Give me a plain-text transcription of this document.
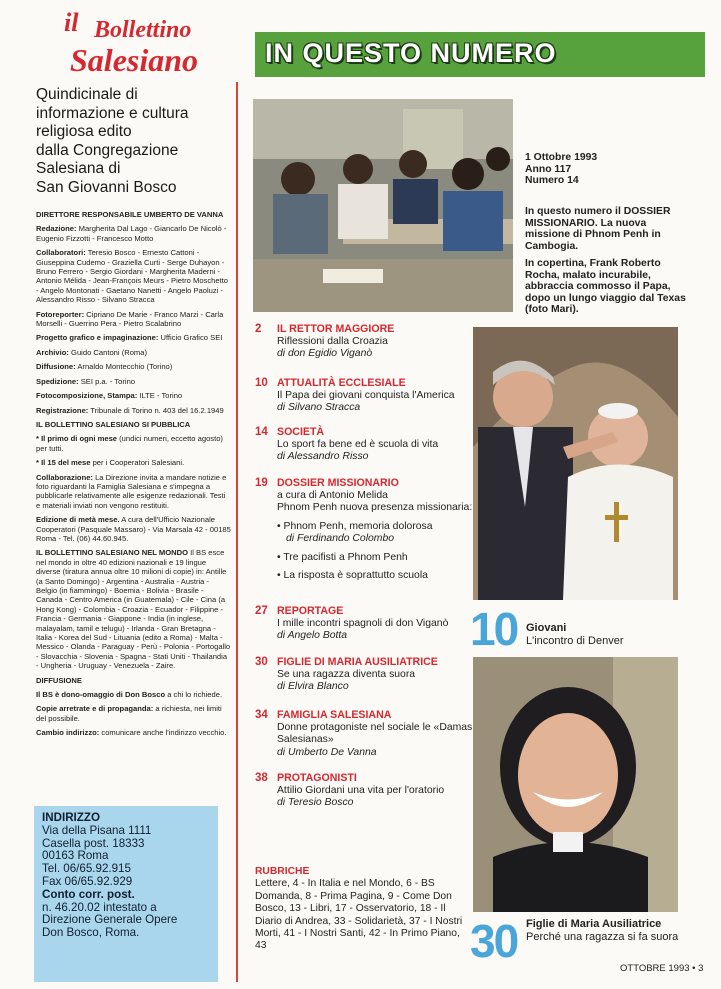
il Bollettino
Salesiano
Quindicinale di
informazione e cultura
religiosa edito
dalla Congregazione
Salesiana di
San Giovanni Bosco
IN QUESTO NUMERO

DIRETTORE RESPONSABILE UMBERTO DE VANNA

Redazione: Margherita Dal Lago - Giancarlo De Nicolò - Eugenio Fizzotti - Francesco Motto

Collaboratori: Teresio Bosco - Ernesto Cattoni - Giuseppina Cudemo - Graziella Curti - Serge Duhayon - Bruno Ferrero - Sergio Giordani - Margherita Maderni - Antonio Mélida - Jean-François Meurs - Pietro Moschetto - Angelo Montonati - Gaetano Nanetti - Angelo Paoluzi - Alessandro Risso - Silvano Stracca

Fotoreporter: Cipriano De Marie - Franco Marzi - Carla Morselli - Guerrino Pera - Pietro Scalabrino

Progetto grafico e impaginazione: Ufficio Grafico SEI

Archivio: Guido Cantoni (Roma)

Diffusione: Arnaldo Montecchio (Torino)

Spedizione: SEI p.a. - Torino

Fotocomposizione, Stampa: ILTE - Torino

Registrazione: Tribunale di Torino n. 403 del 16.2.1949

IL BOLLETTINO SALESIANO SI PUBBLICA

* Il primo di ogni mese (undici numeri, eccetto agosto) per tutti.

* Il 15 del mese per i Cooperatori Salesiani.

Collaborazione: La Direzione invita a mandare notizie e foto riguardanti la Famiglia Salesiana e s'impegna a pubblicarle relativamente alle esigenze redazionali. Testi e materiali inviati non vengono restituiti.

Edizione di metà mese. A cura dell'Ufficio Nazionale Cooperatori (Pasquale Massaro) - Via Marsala 42 - 00185 Roma - Tel. (06) 44.60.945.

IL BOLLETTINO SALESIANO NEL MONDO Il BS esce nel mondo in oltre 40 edizioni nazionali e 19 lingue diverse (tiratura annua oltre 10 milioni di copie) in: Antille (a Santo Domingo) - Argentina - Australia - Austria - Belgio (in fiammingo) - Boemia - Bolivia - Brasile - Canada - Centro America (in Guatemala) - Cile - Cina (a Hong Kong) - Colombia - Croazia - Ecuador - Filippine - Francia - Germania - Giappone - India (in inglese, malayalam, tamil e telugu) - Irlanda - Gran Bretagna - Italia - Korea del Sud - Lituania (edito a Roma) - Malta - Messico - Olanda - Paraguay - Perù - Polonia - Portogallo - Slovacchia - Slovenia - Spagna - Stati Uniti - Thailandia - Ungheria - Uruguay - Venezuela - Zaire.

DIFFUSIONE

Il BS è dono-omaggio di Don Bosco a chi lo richiede.

Copie arretrate e di propaganda: a richiesta, nei limiti del possibile.

Cambio indirizzo: comunicare anche l'indirizzo vecchio.

INDIRIZZO
Via della Pisana 1111
Casella post. 18333
00163 Roma
Tel. 06/65.92.915
Fax 06/65.92.929
Conto corr. post.
n. 46.20.02 intestato a
Direzione Generale Opere
Don Bosco, Roma.
1 Ottobre 1993
Anno 117
Numero 14
In questo numero il DOSSIER MISSIONARIO. La nuova missione di Phnom Penh in Cambogia.
In copertina, Frank Roberto Rocha, malato incurabile, abbraccia commosso il Papa, dopo un lungo viaggio dal Texas (foto Mari).
2 IL RETTOR MAGGIORE
Riflessioni dalla Croazia
di don Egidio Viganò
10 ATTUALITÀ ECCLESIALE
Il Papa dei giovani conquista l'America
di Silvano Stracca
14 SOCIETÀ
Lo sport fa bene ed è scuola di vita
di Alessandro Risso
19 DOSSIER MISSIONARIO
a cura di Antonio Melida
Phnom Penh nuova presenza missionaria:
• Phnom Penh, memoria dolorosa
di Ferdinando Colombo
• Tre pacifisti a Phnom Penh
• La risposta è soprattutto scuola
27 REPORTAGE
I mille incontri spagnoli di don Viganò
di Angelo Botta
30 FIGLIE DI MARIA AUSILIATRICE
Se una ragazza diventa suora
di Elvira Blanco
34 FAMIGLIA SALESIANA
Donne protagoniste nel sociale le «Damas Salesianas»
di Umberto De Vanna
38 PROTAGONISTI
Attilio Giordani una vita per l'oratorio
di Teresio Bosco
10 Giovani
L'incontro di Denver
30 Figlie di Maria Ausiliatrice
Perché una ragazza si fa suora
RUBRICHE
Lettere, 4 - In Italia e nel Mondo, 6 - BS Domanda, 8 - Prima Pagina, 9 - Come Don Bosco, 13 - Libri, 17 - Osservatorio, 18 - Il Diario di Andrea, 33 - Solidarietà, 37 - I Nostri Morti, 41 - I Nostri Santi, 42 - In Primo Piano, 43
OTTOBRE 1993 • 3
